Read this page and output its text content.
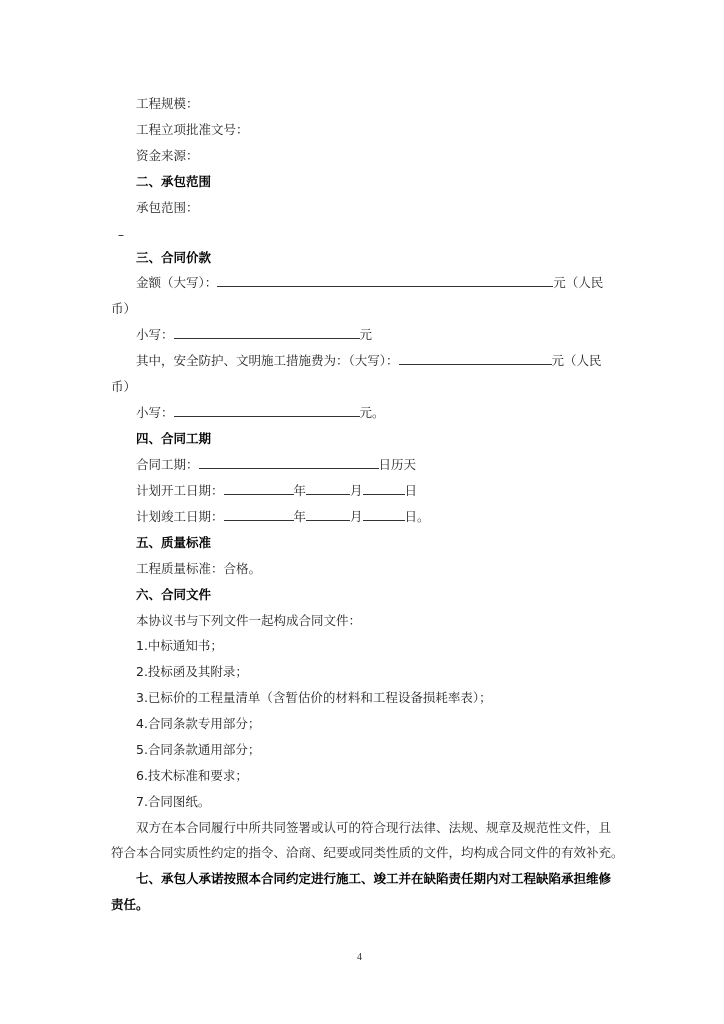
工程规模：
工程立项批准文号：
资金来源：
二、承包范围
承包范围：
–
三、合同价款
金额（大写）：	元（人民
币）
小写：	元
其中，安全防护、文明施工措施费为：（大写）：	元（人民
币）
小写：	元。
四、合同工期
合同工期：	日历天
计划开工日期：	年	月	日
计划竣工日期：	年	月	日。
五、质量标准
工程质量标准：合格。
六、合同文件
本协议书与下列文件一起构成合同文件：
1.中标通知书；
2.投标函及其附录；
3.已标价的工程量清单（含暂估价的材料和工程设备损耗率表）；
4.合同条款专用部分；
5.合同条款通用部分；
6.技术标准和要求；
7.合同图纸。
双方在本合同履行中所共同签署或认可的符合现行法律、法规、规章及规范性文件，且
符合本合同实质性约定的指令、洽商、纪要或同类性质的文件，均构成合同文件的有效补充。
七、承包人承诺按照本合同约定进行施工、竣工并在缺陷责任期内对工程缺陷承担维修
责任。
4
